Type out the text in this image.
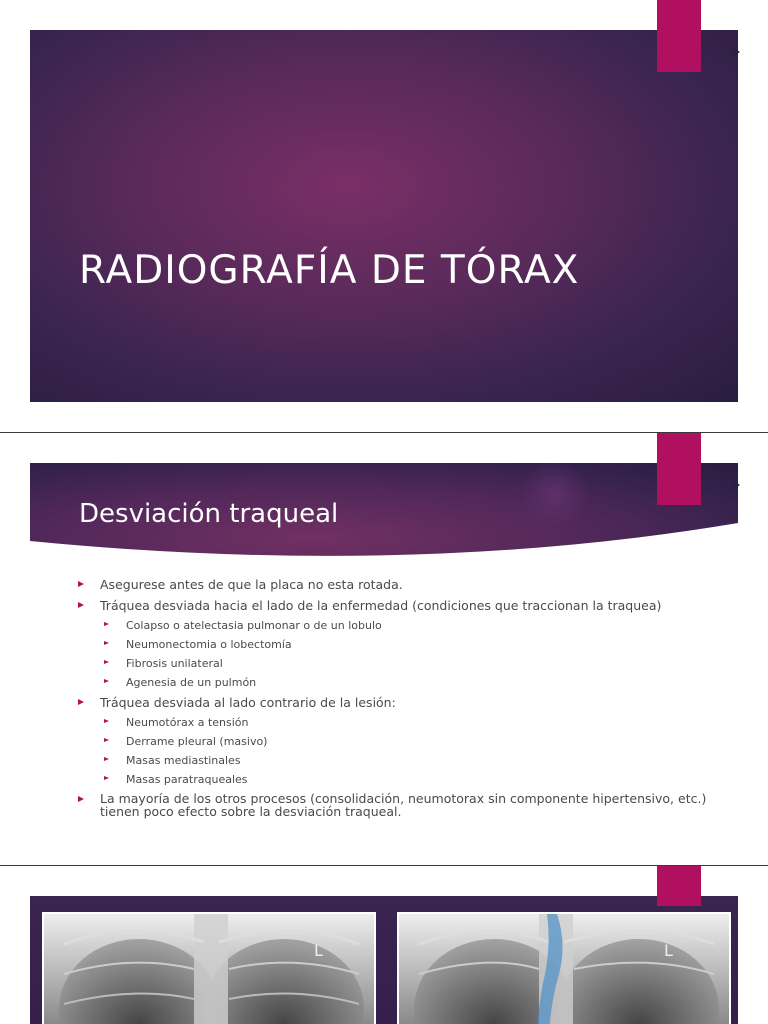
RADIOGRAFÍA DE TÓRAX
Desviación traqueal
Asegurese antes de que la placa no esta rotada.
Tráquea desviada hacia el lado de la enfermedad (condiciones que traccionan la traquea)
Colapso o atelectasia pulmonar o de un lobulo
Neumonectomia o lobectomía
Fibrosis unilateral
Agenesia de un pulmón
Tráquea desviada al lado contrario de la lesión:
Neumotórax a tensión
Derrame pleural (masivo)
Masas mediastinales
Masas paratraqueales
La mayoría de los otros procesos (consolidación, neumotorax sin componente hipertensivo, etc.) tienen poco efecto sobre la desviación traqueal.
L	L
